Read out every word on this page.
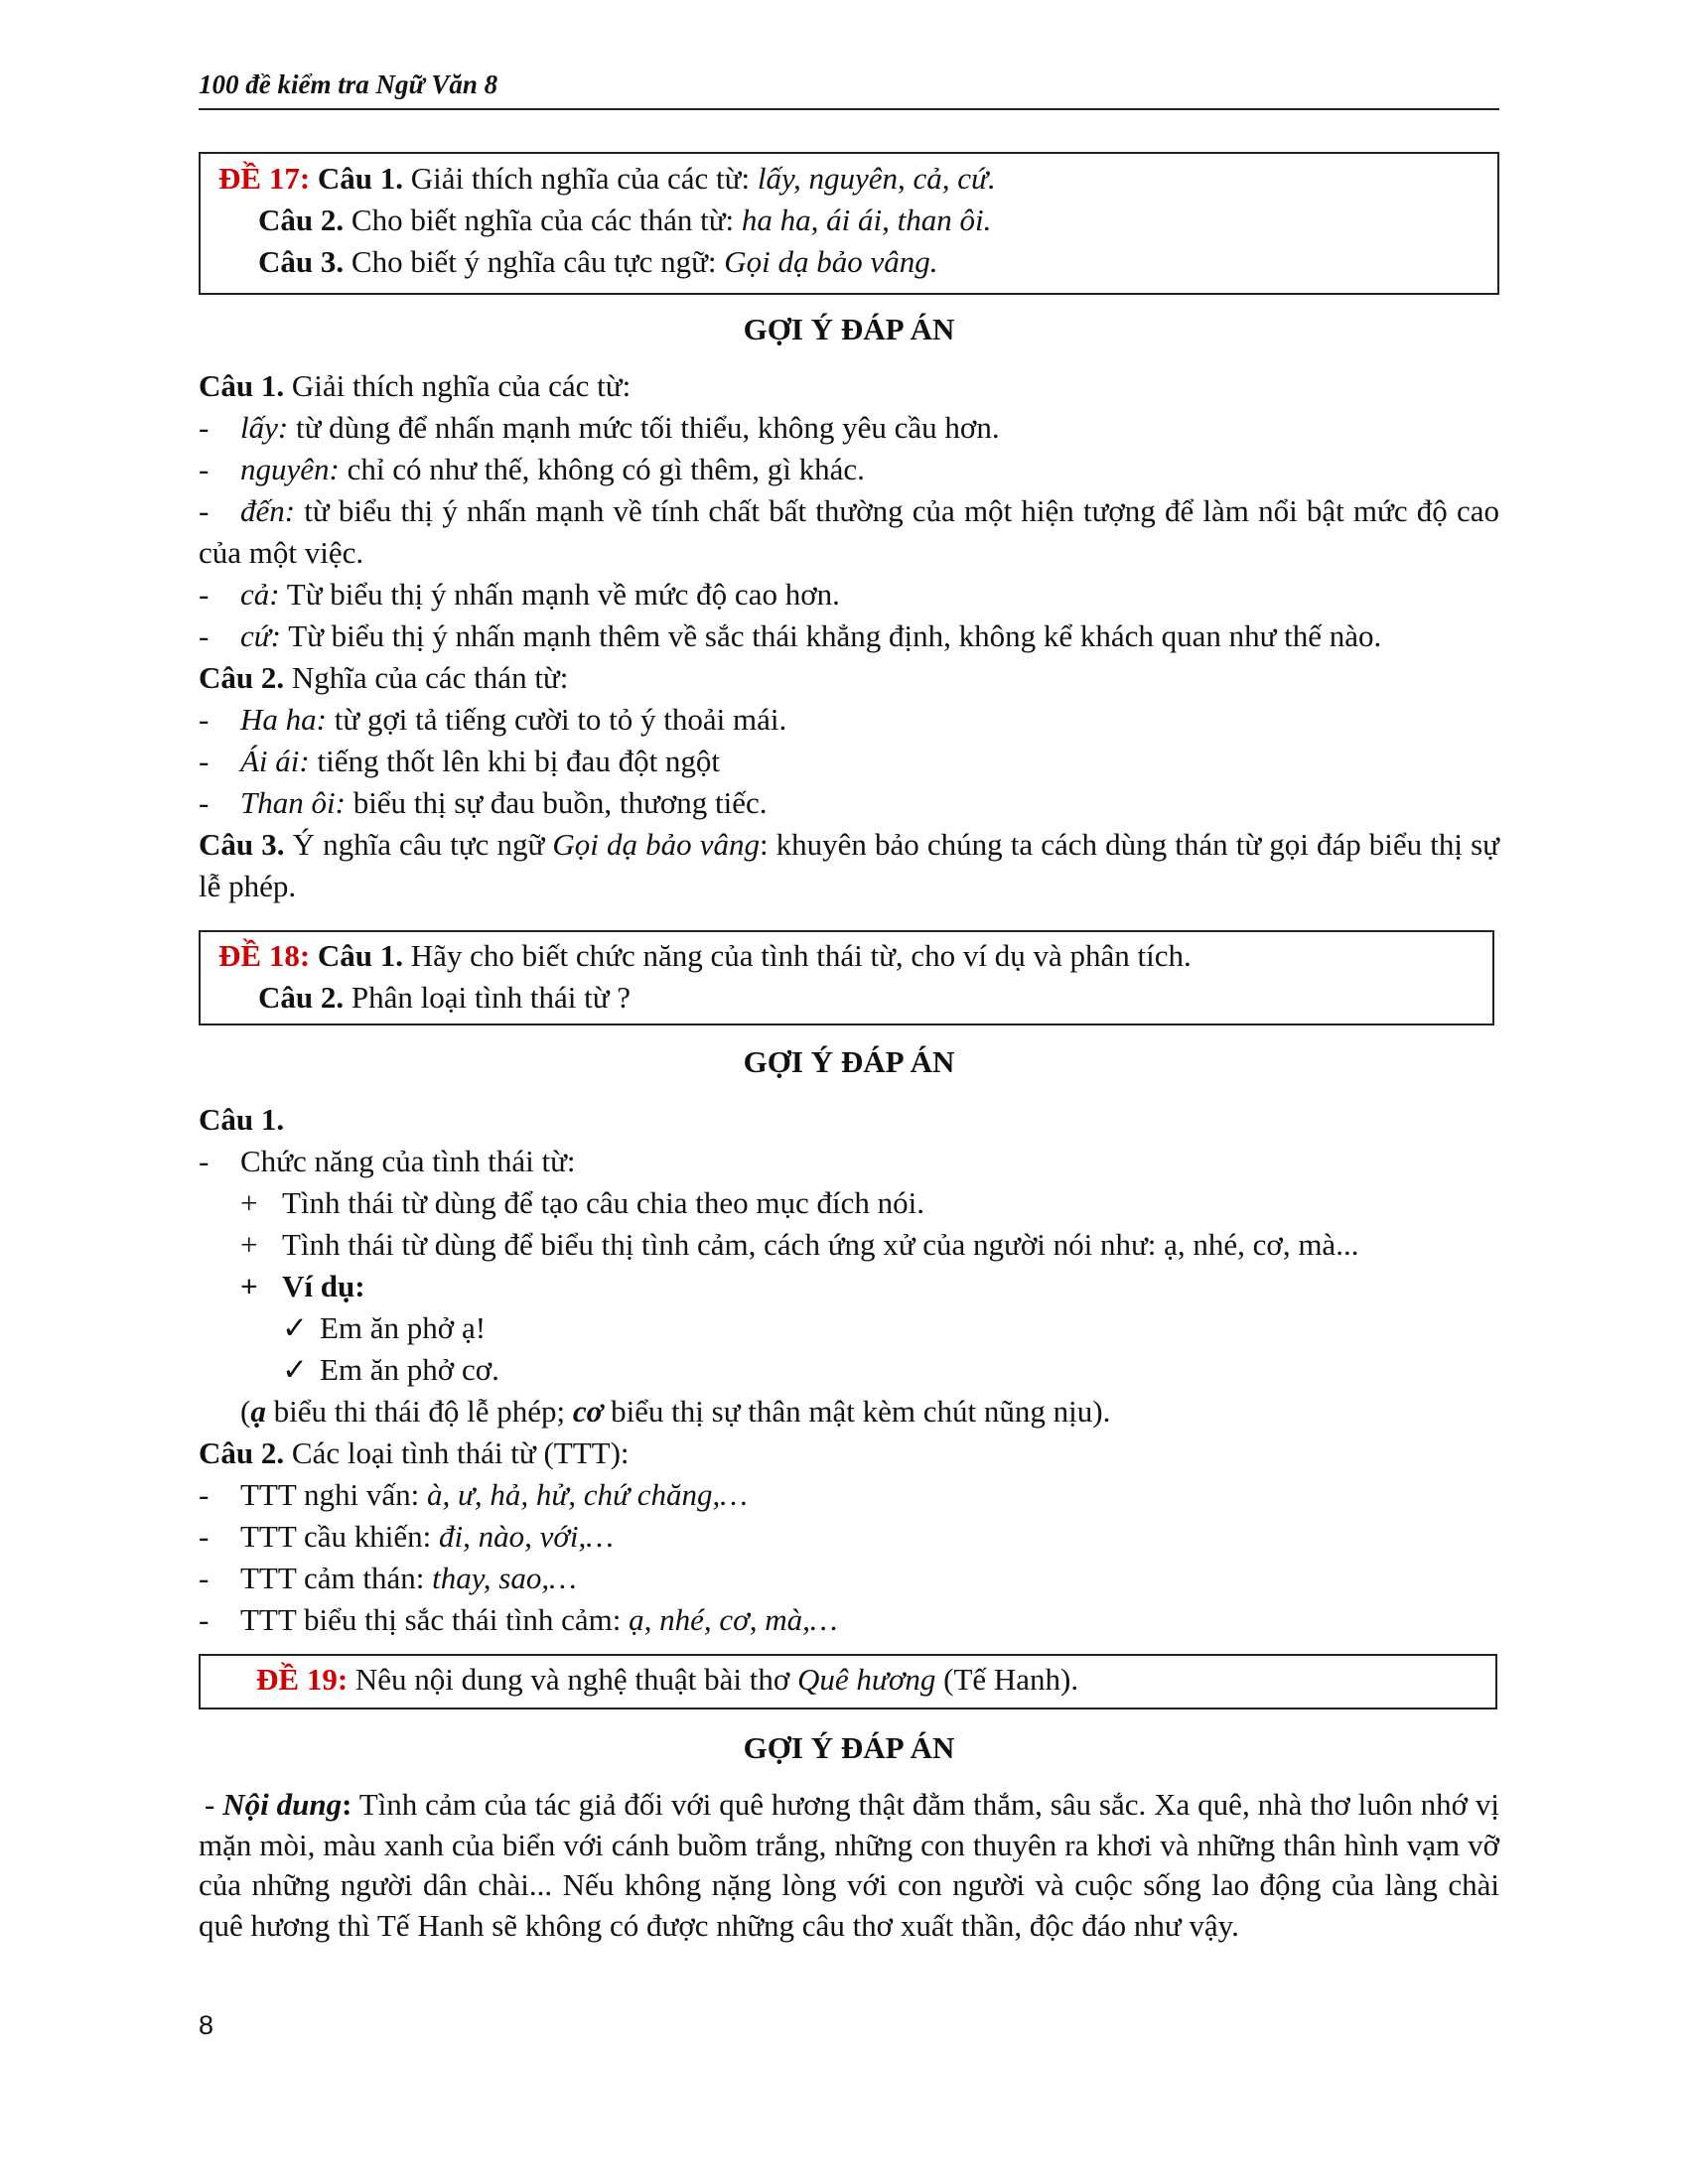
100 đề kiểm tra Ngữ Văn 8
ĐỀ 17: Câu 1. Giải thích nghĩa của các từ: lấy, nguyên, cả, cứ.
Câu 2. Cho biết nghĩa của các thán từ: ha ha, ái ái, than ôi.
Câu 3. Cho biết ý nghĩa câu tực ngữ: Gọi dạ bảo vâng.
GỢI Ý ĐÁP ÁN
Câu 1. Giải thích nghĩa của các từ:
- lấy: từ dùng để nhấn mạnh mức tối thiểu, không yêu cầu hơn.
- nguyên: chỉ có như thế, không có gì thêm, gì khác.
- đến: từ biểu thị ý nhấn mạnh về tính chất bất thường của một hiện tượng để làm nổi bật mức độ cao của một việc.
- cả: Từ biểu thị ý nhấn mạnh về mức độ cao hơn.
- cứ: Từ biểu thị ý nhấn mạnh thêm về sắc thái khẳng định, không kể khách quan như thế nào.
Câu 2. Nghĩa của các thán từ:
- Ha ha: từ gợi tả tiếng cười to tỏ ý thoải mái.
- Ái ái: tiếng thốt lên khi bị đau đột ngột
- Than ôi: biểu thị sự đau buồn, thương tiếc.
Câu 3. Ý nghĩa câu tực ngữ Gọi dạ bảo vâng: khuyên bảo chúng ta cách dùng thán từ gọi đáp biểu thị sự lễ phép.
ĐỀ 18: Câu 1. Hãy cho biết chức năng của tình thái từ, cho ví dụ và phân tích.
Câu 2. Phân loại tình thái từ ?
GỢI Ý ĐÁP ÁN
Câu 1.
- Chức năng của tình thái từ:
+ Tình thái từ dùng để tạo câu chia theo mục đích nói.
+ Tình thái từ dùng để biểu thị tình cảm, cách ứng xử của người nói như: ạ, nhé, cơ, mà...
+ Ví dụ:
✓ Em ăn phở ạ!
✓ Em ăn phở cơ.
(ạ biểu thi thái độ lễ phép; cơ biểu thị sự thân mật kèm chút nũng nịu).
Câu 2. Các loại tình thái từ (TTT):
- TTT nghi vấn: à, ư, hả, hử, chứ chăng,…
- TTT cầu khiến: đi, nào, với,…
- TTT cảm thán: thay, sao,…
- TTT biểu thị sắc thái tình cảm: ạ, nhé, cơ, mà,…
ĐỀ 19: Nêu nội dung và nghệ thuật bài thơ Quê hương (Tế Hanh).
GỢI Ý ĐÁP ÁN
- Nội dung: Tình cảm của tác giả đối với quê hương thật đằm thắm, sâu sắc. Xa quê, nhà thơ luôn nhớ vị mặn mòi, màu xanh của biển với cánh buồm trắng, những con thuyên ra khơi và những thân hình vạm vỡ của những người dân chài... Nếu không nặng lòng với con người và cuộc sống lao động của làng chài quê hương thì Tế Hanh sẽ không có được những câu thơ xuất thần, độc đáo như vậy.
8
